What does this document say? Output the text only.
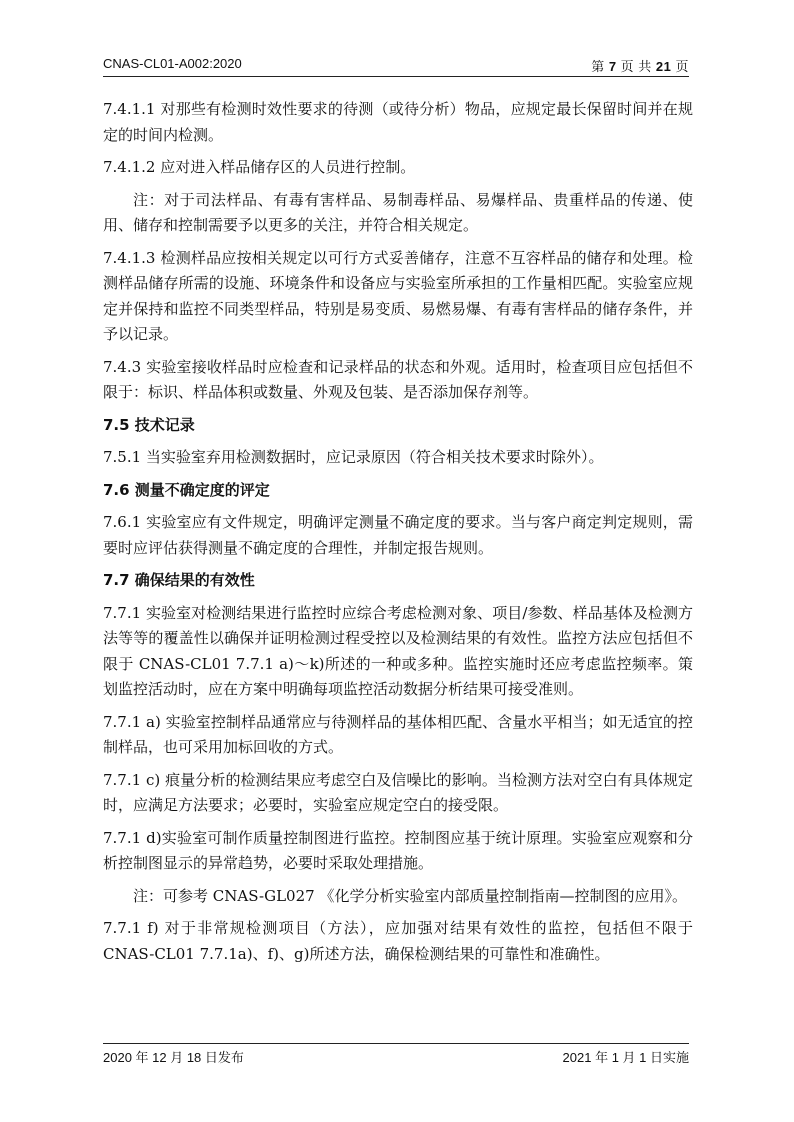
CNAS-CL01-A002:2020	第 7 页 共 21 页

7.4.1.1 对那些有检测时效性要求的待测（或待分析）物品，应规定最长保留时间并在规定的时间内检测。

7.4.1.2 应对进入样品储存区的人员进行控制。

注：对于司法样品、有毒有害样品、易制毒样品、易爆样品、贵重样品的传递、使用、储存和控制需要予以更多的关注，并符合相关规定。

7.4.1.3 检测样品应按相关规定以可行方式妥善储存，注意不互容样品的储存和处理。检测样品储存所需的设施、环境条件和设备应与实验室所承担的工作量相匹配。实验室应规定并保持和监控不同类型样品，特别是易变质、易燃易爆、有毒有害样品的储存条件，并予以记录。

7.4.3 实验室接收样品时应检查和记录样品的状态和外观。适用时，检查项目应包括但不限于：标识、样品体积或数量、外观及包装、是否添加保存剂等。

7.5 技术记录

7.5.1 当实验室弃用检测数据时，应记录原因（符合相关技术要求时除外）。

7.6 测量不确定度的评定

7.6.1 实验室应有文件规定，明确评定测量不确定度的要求。当与客户商定判定规则，需要时应评估获得测量不确定度的合理性，并制定报告规则。

7.7 确保结果的有效性

7.7.1 实验室对检测结果进行监控时应综合考虑检测对象、项目/参数、样品基体及检测方法等等的覆盖性以确保并证明检测过程受控以及检测结果的有效性。监控方法应包括但不限于 CNAS-CL01 7.7.1 a)～k)所述的一种或多种。监控实施时还应考虑监控频率。策划监控活动时，应在方案中明确每项监控活动数据分析结果可接受准则。

7.7.1 a) 实验室控制样品通常应与待测样品的基体相匹配、含量水平相当；如无适宜的控制样品，也可采用加标回收的方式。

7.7.1 c) 痕量分析的检测结果应考虑空白及信噪比的影响。当检测方法对空白有具体规定时，应满足方法要求；必要时，实验室应规定空白的接受限。

7.7.1 d)实验室可制作质量控制图进行监控。控制图应基于统计原理。实验室应观察和分析控制图显示的异常趋势，必要时采取处理措施。

注：可参考 CNAS-GL027 《化学分析实验室内部质量控制指南—控制图的应用》。

7.7.1 f) 对于非常规检测项目（方法），应加强对结果有效性的监控，包括但不限于 CNAS-CL01 7.7.1a)、f)、g)所述方法，确保检测结果的可靠性和准确性。

2020 年 12 月 18 日发布	2021 年 1 月 1 日实施
